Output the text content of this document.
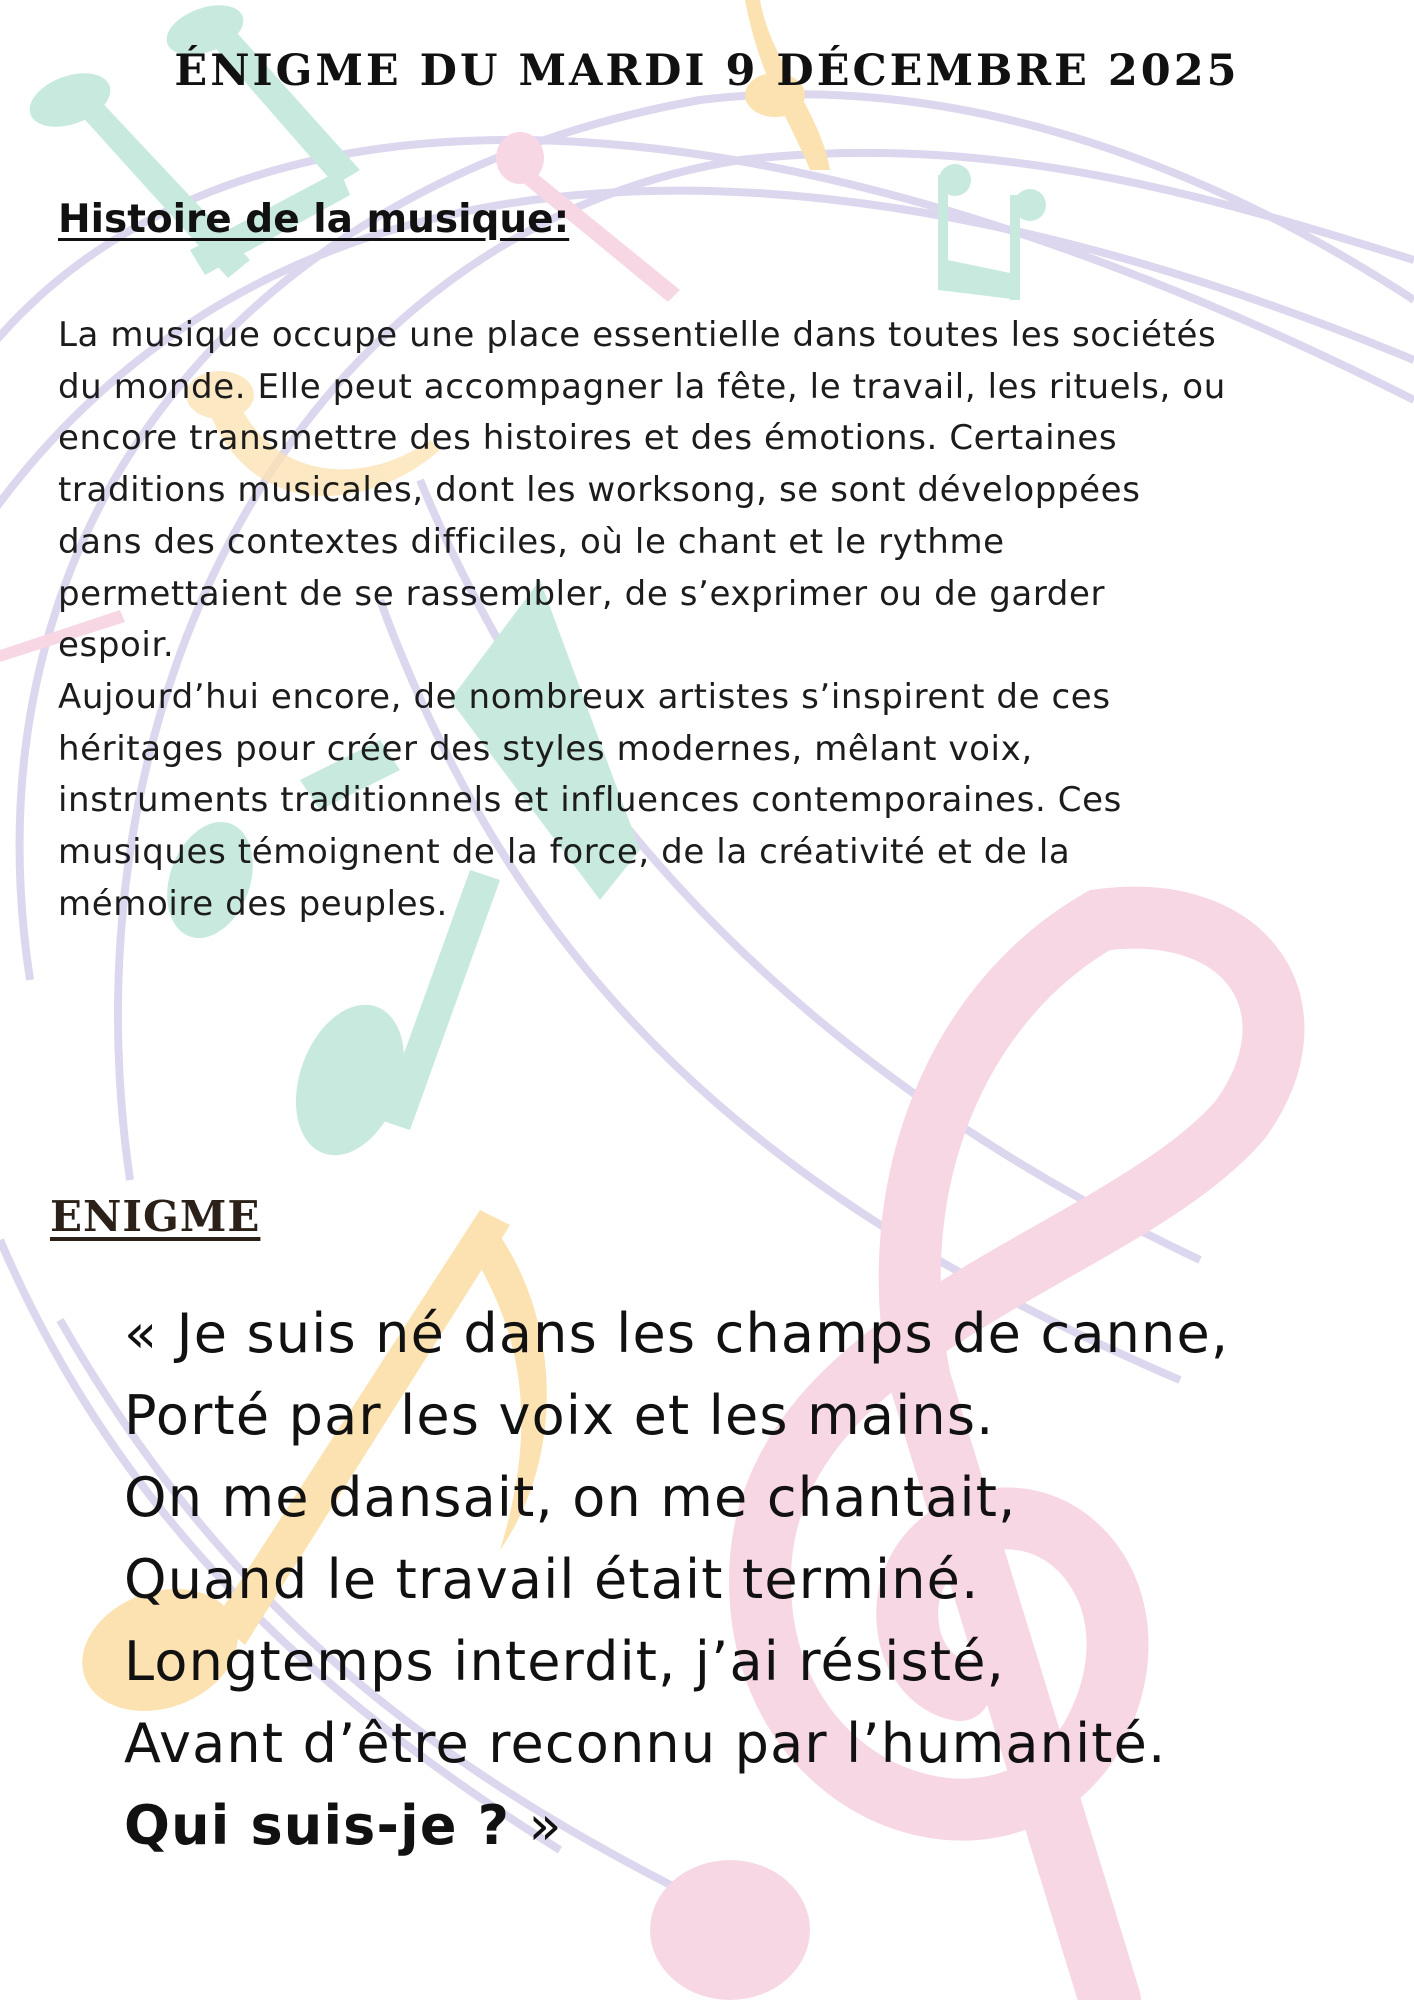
ÉNIGME DU MARDI 9 DÉCEMBRE 2025
Histoire de la musique:
La musique occupe une place essentielle dans toutes les sociétés
du monde. Elle peut accompagner la fête, le travail, les rituels, ou
encore transmettre des histoires et des émotions. Certaines
traditions musicales, dont les worksong, se sont développées
dans des contextes difficiles, où le chant et le rythme
permettaient de se rassembler, de s’exprimer ou de garder
espoir.
Aujourd’hui encore, de nombreux artistes s’inspirent de ces
héritages pour créer des styles modernes, mêlant voix,
instruments traditionnels et influences contemporaines. Ces
musiques témoignent de la force, de la créativité et de la
mémoire des peuples.
ENIGME
« Je suis né dans les champs de canne,
Porté par les voix et les mains.
On me dansait, on me chantait,
Quand le travail était terminé.
Longtemps interdit, j’ai résisté,
Avant d’être reconnu par l’humanité.
Qui suis-je ? »
